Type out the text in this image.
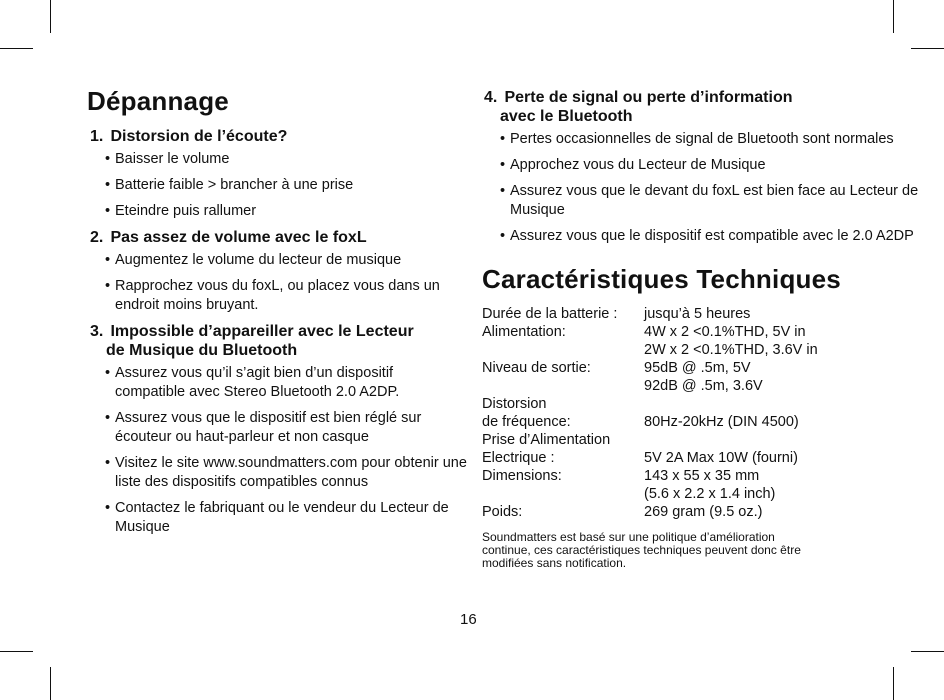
Dépannage

1. Distorsion de l’écoute?

• Baisser le volume
• Batterie faible > brancher à une prise
• Eteindre puis rallumer

2. Pas assez de volume avec le foxL

• Augmentez le volume du lecteur de musique
• Rapprochez vous du foxL, ou placez vous dans un endroit moins bruyant.

3. Impossible d’appareiller avec le Lecteur
de Musique du Bluetooth

• Assurez vous qu’il s’agit bien d’un dispositif compatible avec Stereo Bluetooth 2.0 A2DP.
• Assurez vous que le dispositif est bien réglé sur écouteur ou haut-parleur et non casque
• Visitez le site www.soundmatters.com pour obtenir une liste des dispositifs compatibles connus
• Contactez le fabriquant ou le vendeur du Lecteur de Musique

4. Perte de signal ou perte d’information
avec le Bluetooth

• Pertes occasionnelles de signal de Bluetooth sont normales
• Approchez vous du Lecteur de Musique
• Assurez vous que le devant du foxL est bien face au Lecteur de Musique
• Assurez vous que le dispositif est compatible avec le 2.0 A2DP
Caractéristiques Techniques
Durée de la batterie :	jusqu’à 5 heures
Alimentation:	4W x 2 <0.1%THD, 5V in
	2W x 2 <0.1%THD, 3.6V in
Niveau de sortie:	95dB @ .5m, 5V
	92dB @ .5m, 3.6V
Distorsion	
de fréquence:	80Hz-20kHz (DIN 4500)
Prise d’Alimentation	
Electrique :	5V 2A Max 10W (fourni)
Dimensions:	143 x 55 x 35 mm
	(5.6 x 2.2 x 1.4 inch)
Poids:	269 gram (9.5 oz.)

Soundmatters est basé sur une politique d’amélioration continue, ces caractéristiques techniques peuvent donc être modifiées sans notification.

16
